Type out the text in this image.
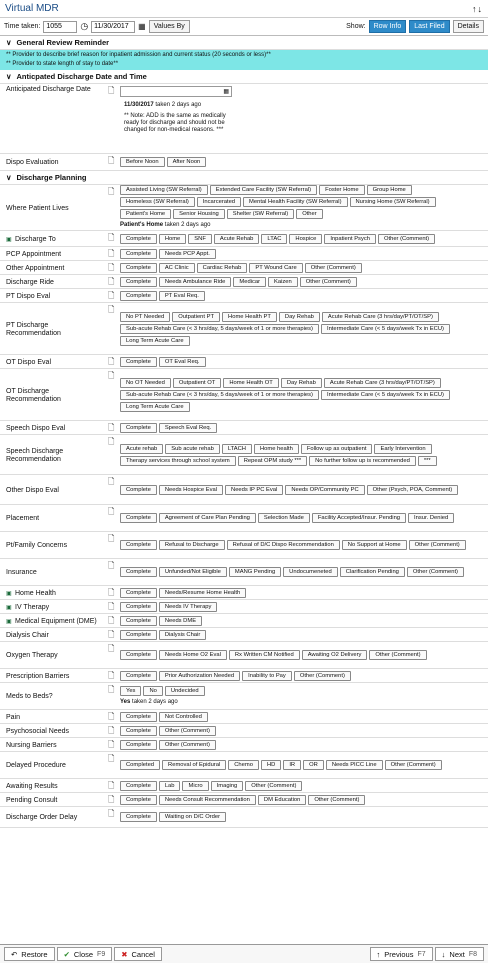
Virtual MDR	↑↓
Time taken:
1055	◷
11/30/2017	▦	Values By	Show:	Row Info	Last Filed	Details
∨ General Review Reminder
** Provider to describe brief reason for inpatient admission and current status (20 seconds or less)**
** Provider to state length of stay to date**
∨ Anticpated Discharge Date and Time
Anticipated Discharge Date	🗋	▦
11/30/2017 taken 2 days ago
** Note: ADD is the same as medically ready for discharge and should not be changed for non-medical reasons. ***
Dispo Evaluation	🗋	Before Noon	After Noon
∨ Discharge Planning
Where Patient Lives
🗋	Assisted Living (SW Referral)	Extended Care Facility (SW Referral)	Foster Home	Group Home
Homeless (SW Referral)	Incarcerated	Mental Health Facility (SW Referral)	Nursing Home (SW Referral)
Patient's Home	Senior Housing	Shelter (SW Referral)	Other
Patient's Home taken 2 days ago
▣ Discharge To	🗋	Complete	Home	SNF	Acute Rehab	LTAC	Hospice	Inpatient Psych	Other (Comment)
PCP Appointment	🗋	Complete	Needs PCP Appt.
Other Appointment	🗋	Complete	AC Clinic	Cardiac Rehab	PT Wound Care	Other (Comment)
Discharge Ride	🗋	Complete	Needs Ambulance Ride	Medicar	Kaizen	Other (Comment)
PT Dispo Eval	🗋	Complete	PT Eval Req.
PT Discharge Recommendation
🗋
No PT Needed	Outpatient PT	Home Health PT	Day Rehab	Acute Rehab Care (3 hrs/day/PT/OT/SP)
Sub-acute Rehab Care (< 3 hrs/day, 5 days/week of 1 or more therapies)	Intermediate Care (< 5 days/week Tx in ECU)
Long Term Acute Care
OT Dispo Eval	🗋	Complete	OT Eval Req.
OT Discharge Recommendation
🗋
No OT Needed	Outpatient OT	Home Health OT	Day Rehab	Acute Rehab Care (3 hrs/day/PT/OT/SP)
Sub-acute Rehab Care (< 3 hrs/day, 5 days/week of 1 or more therapies)	Intermediate Care (< 5 days/week Tx in ECU)
Long Term Acute Care
Speech Dispo Eval	🗋	Complete	Speech Eval Req.
Speech Discharge Recommendation
🗋
Acute rehab	Sub acute rehab	LTACH	Home health	Follow up as outpatient	Early Intervention
Therapy services through school system	Repeat OPM study ***	No further follow up is recommended	***
Other Dispo Eval
🗋
Complete	Needs Hospice Eval	Needs IP PC Eval	Needs OP/Community PC	Other (Psych, POA, Comment)
Placement
🗋
Complete	Agreement of Care Plan Pending	Selection Made	Facility Accepted/Insur. Pending	Insur. Denied
Pt/Family Concerns
🗋
Complete	Refusal to Discharge	Refusal of D/C Dispo Recommendation	No Support at Home	Other (Comment)
Insurance
🗋
Complete	Unfunded/Not Eligible	MANG Pending	Undocumeneted	Clarification Pending	Other (Comment)
▣ Home Health	🗋	Complete	Needs/Resume Home Health
▣ IV Therapy	🗋	Complete	Needs IV Therapy
▣ Medical Equipment (DME) 🗋	Complete	Needs DME
Dialysis Chair	🗋	Complete	Dialysis Chair
Oxygen Therapy
🗋
Complete	Needs Home O2 Eval	Rx Written CM Notified	Awaiting O2 Delivery	Other (Comment)
Prescription Barriers	🗋	Complete	Prior Authorization Needed	Inability to Pay	Other (Comment)
Meds to Beds?
🗋	Yes	No	Undecided
Yes taken 2 days ago
Pain	🗋	Complete	Not Controlled
Psychosocial Needs	🗋	Complete	Other (Comment)
Nursing Barriers	🗋	Complete	Other (Comment)
Delayed Procedure
🗋
Completed	Removal of Epidural	Chemo	HD	IR	OR	Needs PICC Line	Other (Comment)
Awaiting Results	🗋	Complete	Lab	Micro	Imaging	Other (Comment)
Pending Consult	🗋	Complete	Needs Consult Recommendation	DM Education	Other (Comment)
Discharge Order Delay	🗋	Complete	Waiting on D/C Order
↶ Restore ✔ Close F9 ✖ Cancel	↑ Previous F7 ↓ Next F8
